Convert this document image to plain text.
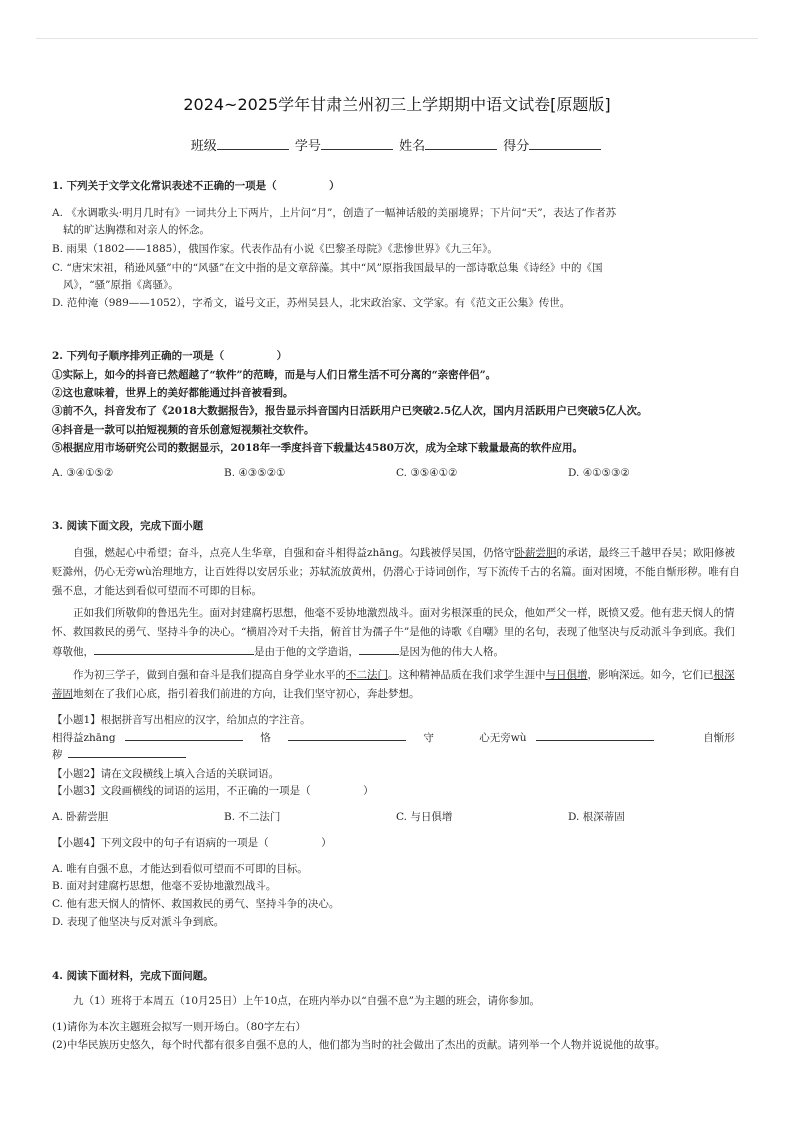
2024~2025学年甘肃兰州初三上学期期中语文试卷[原题版]
班级	学号	姓名	得分
1. 下列关于文学文化常识表述不正确的一项是（　　　　　）
A. 《水调歌头·明月几时有》一词共分上下两片，上片问“月”，创造了一幅神话般的美丽境界；下片问“天”，表达了作者苏
轼的旷达胸襟和对亲人的怀念。
B. 雨果（1802——1885），俄国作家。代表作品有小说《巴黎圣母院》《悲惨世界》《九三年》。
C. “唐宋宋祖，稍逊风骚”中的“风骚”在文中指的是文章辞藻。其中“风”原指我国最早的一部诗歌总集《诗经》中的《国
风》，“骚”原指《离骚》。
D. 范仲淹（989——1052），字希文，谥号文正，苏州吴县人，北宋政治家、文学家。有《范文正公集》传世。
2. 下列句子顺序排列正确的一项是（　　　　　）
①实际上，如今的抖音已然超越了“软件”的范畴，而是与人们日常生活不可分离的“亲密伴侣”。
②这也意味着，世界上的美好都能通过抖音被看到。
③前不久，抖音发布了《2018大数据报告》，报告显示抖音国内日活跃用户已突破2.5亿人次，国内月活跃用户已突破5亿人次。
④抖音是一款可以拍短视频的音乐创意短视频社交软件。
⑤根据应用市场研究公司的数据显示，2018年一季度抖音下载量达4580万次，成为全球下载量最高的软件应用。
A. ③④①⑤②	B. ④③⑤②①	C. ③⑤④①②	D. ④①⑤③②
3. 阅读下面文段，完成下面小题
自强，燃起心中希望；奋斗，点亮人生华章，自强和奋斗相得益zhāng。勾践被俘吴国，仍恪守卧薪尝胆的承诺，最终三千越甲吞吴；欧阳修被贬滁州，仍心无旁wù治理地方，让百姓得以安居乐业；苏轼流放黄州，仍潜心于诗词创作，写下流传千古的名篇。面对困境，不能自惭形秽。唯有自强不息，才能达到看似可望而不可即的目标。
正如我们所敬仰的鲁迅先生。面对封建腐朽思想，他毫不妥协地激烈战斗。面对劣根深重的民众，他如严父一样，既愤又爱。他有悲天悯人的情怀、救国救民的勇气、坚持斗争的决心。“横眉冷对千夫指，俯首甘为孺子牛”是他的诗歌《自嘲》里的名句，表现了他坚决与反动派斗争到底。我们尊敬他，	是由于他的文学造诣，	是因为他的伟大人格。
作为初三学子，做到自强和奋斗是我们提高自身学业水平的不二法门。这种精神品质在我们求学生涯中与日俱增，影响深远。如今，它们已根深蒂固地刻在了我们心底，指引着我们前进的方向，让我们坚守初心，奔赴梦想。
【小题1】根据拼音写出相应的汉字，给加点的字注音。
相得益zhāng	恪	守	心无旁wù	自惭形
秽
【小题2】请在文段横线上填入合适的关联词语。
【小题3】文段画横线的词语的运用，不正确的一项是（　　　　　）
A. 卧薪尝胆	B. 不二法门	C. 与日俱增	D. 根深蒂固
【小题4】下列文段中的句子有语病的一项是（　　　　　）
A. 唯有自强不息，才能达到看似可望而不可即的目标。
B. 面对封建腐朽思想，他毫不妥协地激烈战斗。
C. 他有悲天悯人的情怀、救国救民的勇气、坚持斗争的决心。
D. 表现了他坚决与反对派斗争到底。
4. 阅读下面材料，完成下面问题。
九（1）班将于本周五（10月25日）上午10点，在班内举办以“自强不息”为主题的班会，请你参加。
(1)请你为本次主题班会拟写一则开场白。（80字左右）
(2)中华民族历史悠久，每个时代都有很多自强不息的人，他们都为当时的社会做出了杰出的贡献。请列举一个人物并说说他的故事。
